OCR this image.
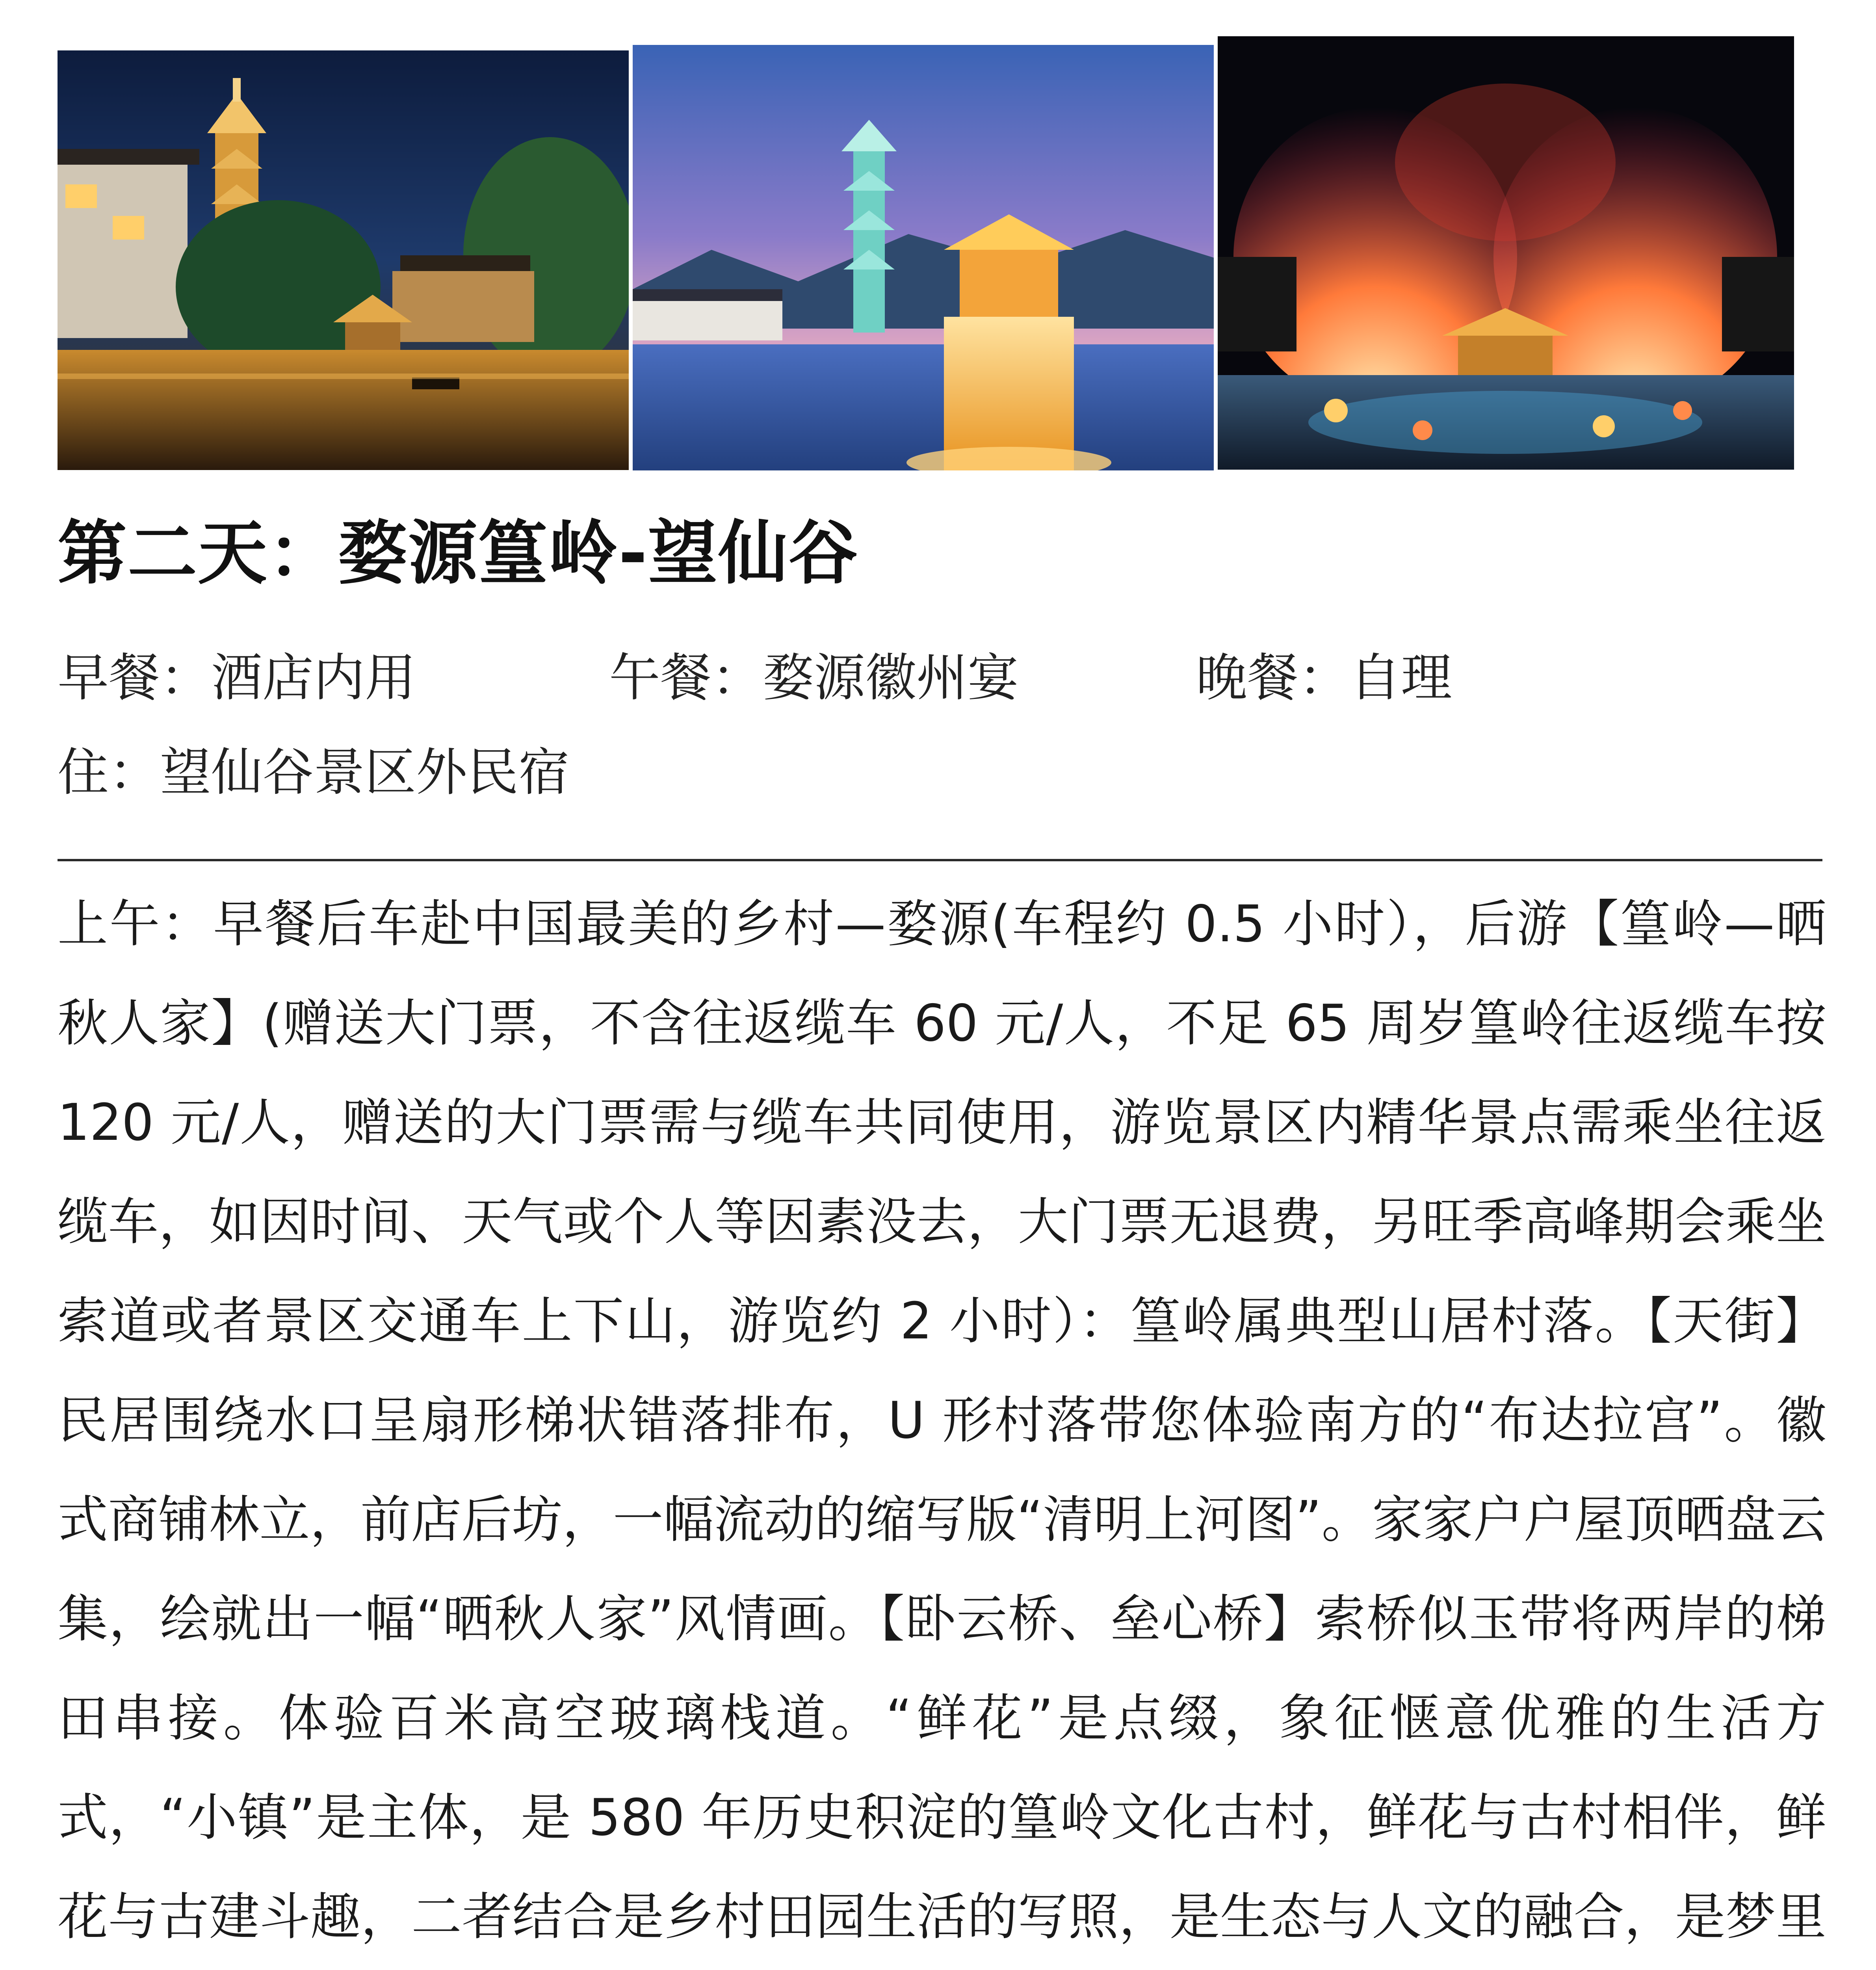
第二天：婺源篁岭-望仙谷
早餐：酒店内用	午餐：婺源徽州宴	晚餐：自理
住：望仙谷景区外民宿

上午：早餐后车赴中国最美的乡村—婺源(车程约 0.5 小时），后游【篁岭—晒秋人家】(赠送大门票，不含往返缆车 60 元/人，不足 65 周岁篁岭往返缆车按 120 元/人，赠送的大门票需与缆车共同使用，游览景区内精华景点需乘坐往返缆车，如因时间、天气或个人等因素没去，大门票无退费，另旺季高峰期会乘坐索道或者景区交通车上下山，游览约 2 小时）：篁岭属典型山居村落。【天街】民居围绕水口呈扇形梯状错落排布，U 形村落带您体验南方的“布达拉宫”。徽式商铺林立，前店后坊，一幅流动的缩写版“清明上河图”。家家户户屋顶晒盘云集，绘就出一幅“晒秋人家”风情画。【卧云桥、垒心桥】索桥似玉带将两岸的梯田串接。体验百米高空玻璃栈道。“鲜花”是点缀，象征惬意优雅的生活方式，“小镇”是主体，是 580 年历史积淀的篁岭文化古村，鲜花与古村相伴，鲜花与古建斗趣，二者结合是乡村田园生活的写照，是生态与人文的融合，是梦里
